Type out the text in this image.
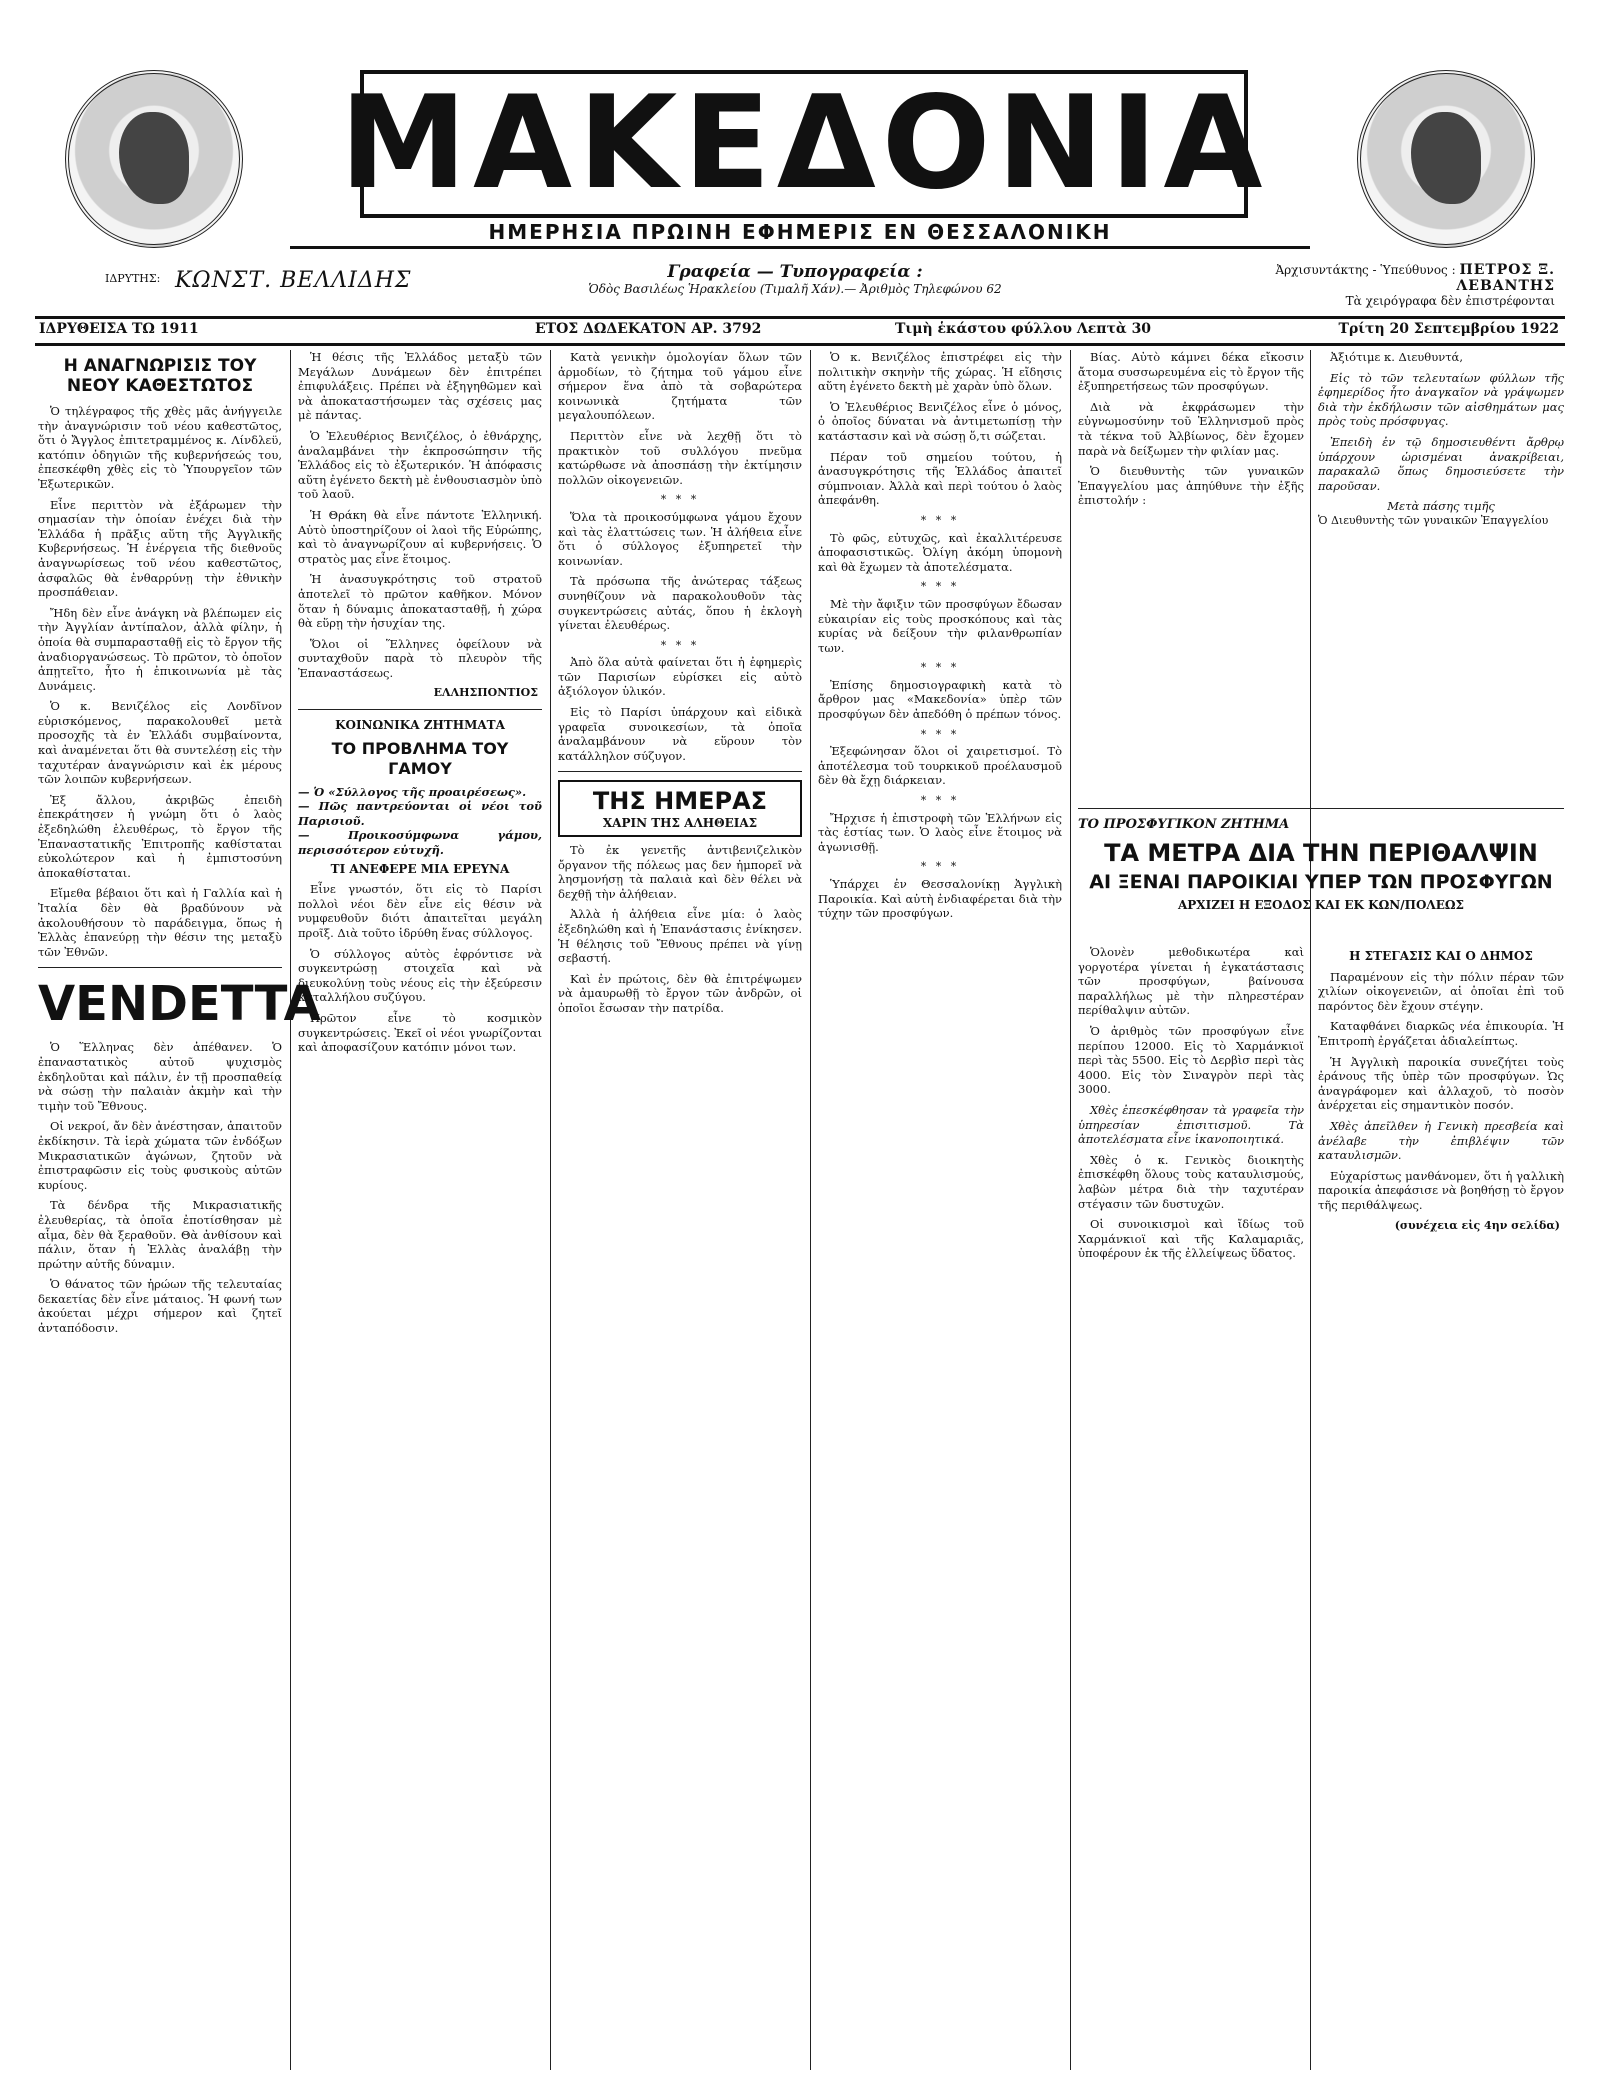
ΜΑΚΕΔΟΝΙΑ
ΗΜΕΡΗΣΙΑ ΠΡΩΙΝΗ ΕΦΗΜΕΡΙΣ ΕΝ ΘΕΣΣΑΛΟΝΙΚΗ
ΙΔΡΥΤΗΣ: ΚΩΝΣΤ. ΒΕΛΛΙΔΗΣ	Γραφεία — Τυπογραφεία :
Ὁδὸς Βασιλέως Ἡρακλείου (Τιμαλῆ Χάν).— Ἀριθμὸς Τηλεφώνου 62
Ἀρχισυντάκτης - Ὑπεύθυνος : ΠΕΤΡΟΣ Ξ. ΛΕΒΑΝΤΗΣ
Τὰ χειρόγραφα δὲν ἐπιστρέφονται
ΙΔΡΥΘΕΙΣΑ ΤΩ 1911	ΕΤΟΣ ΔΩΔΕΚΑΤΟΝ ΑΡ. 3792	Τιμὴ ἑκάστου φύλλου Λεπτὰ 30	Τρίτη 20 Σεπτεμβρίου 1922
Η ΑΝΑΓΝΩΡΙΣΙΣ ΤΟΥ ΝΕΟΥ ΚΑΘΕΣΤΩΤΟΣ

Ὁ τηλέγραφος τῆς χθὲς μᾶς ἀνήγγειλε τὴν ἀναγνώρισιν τοῦ νέου καθεστῶτος, ὅτι ὁ Ἄγγλος ἐπιτετραμμένος κ. Λίνδλεϋ, κατόπιν ὁδηγιῶν τῆς κυβερνήσεώς του, ἐπεσκέφθη χθὲς εἰς τὸ Ὑπουργεῖον τῶν Ἐξωτερικῶν.

Εἶνε περιττὸν νὰ ἐξάρωμεν τὴν σημασίαν τὴν ὁποίαν ἐνέχει διὰ τὴν Ἑλλάδα ἡ πρᾶξις αὕτη τῆς Ἀγγλικῆς Κυβερνήσεως. Ἡ ἐνέργεια τῆς διεθνοῦς ἀναγνωρίσεως τοῦ νέου καθεστῶτος, ἀσφαλῶς θὰ ἐνθαρρύνῃ τὴν ἐθνικὴν προσπάθειαν.

Ἤδη δὲν εἶνε ἀνάγκη νὰ βλέπωμεν εἰς τὴν Ἀγγλίαν ἀντίπαλον, ἀλλὰ φίλην, ἡ ὁποία θὰ συμπαρασταθῇ εἰς τὸ ἔργον τῆς ἀναδιοργανώσεως. Τὸ πρῶτον, τὸ ὁποῖον ἀπῃτεῖτο, ἦτο ἡ ἐπικοινωνία μὲ τὰς Δυνάμεις.

Ὁ κ. Βενιζέλος εἰς Λονδῖνον εὑρισκόμενος, παρακολουθεῖ μετὰ προσοχῆς τὰ ἐν Ἑλλάδι συμβαίνοντα, καὶ ἀναμένεται ὅτι θὰ συντελέσῃ εἰς τὴν ταχυτέραν ἀναγνώρισιν καὶ ἐκ μέρους τῶν λοιπῶν κυβερνήσεων.

Ἐξ ἄλλου, ἀκριβῶς ἐπειδὴ ἐπεκράτησεν ἡ γνώμη ὅτι ὁ λαὸς ἐξεδηλώθη ἐλευθέρως, τὸ ἔργον τῆς Ἐπαναστατικῆς Ἐπιτροπῆς καθίσταται εὐκολώτερον καὶ ἡ ἐμπιστοσύνη ἀποκαθίσταται.

Εἴμεθα βέβαιοι ὅτι καὶ ἡ Γαλλία καὶ ἡ Ἰταλία δὲν θὰ βραδύνουν νὰ ἀκολουθήσουν τὸ παράδειγμα, ὅπως ἡ Ἑλλὰς ἐπανεύρῃ τὴν θέσιν της μεταξὺ τῶν Ἐθνῶν.

VENDETTA

Ὁ Ἕλληνας δὲν ἀπέθανεν. Ὁ ἐπαναστατικὸς αὐτοῦ ψυχισμὸς ἐκδηλοῦται καὶ πάλιν, ἐν τῇ προσπαθείᾳ νὰ σώσῃ τὴν παλαιὰν ἀκμὴν καὶ τὴν τιμὴν τοῦ Ἔθνους.

Οἱ νεκροί, ἄν δὲν ἀνέστησαν, ἀπαιτοῦν ἐκδίκησιν. Τὰ ἱερὰ χώματα τῶν ἐνδόξων Μικρασιατικῶν ἀγώνων, ζητοῦν νὰ ἐπιστραφῶσιν εἰς τοὺς φυσικοὺς αὐτῶν κυρίους.

Τὰ δένδρα τῆς Μικρασιατικῆς ἐλευθερίας, τὰ ὁποῖα ἐποτίσθησαν μὲ αἷμα, δὲν θὰ ξεραθοῦν. Θὰ ἀνθίσουν καὶ πάλιν, ὅταν ἡ Ἑλλὰς ἀναλάβῃ τὴν πρώτην αὐτῆς δύναμιν.

Ὁ θάνατος τῶν ἡρώων τῆς τελευταίας δεκαετίας δὲν εἶνε μάταιος. Ἡ φωνή των ἀκούεται μέχρι σήμερον καὶ ζητεῖ ἀνταπόδοσιν.

Ἡ θέσις τῆς Ἑλλάδος μεταξὺ τῶν Μεγάλων Δυνάμεων δὲν ἐπιτρέπει ἐπιφυλάξεις. Πρέπει νὰ ἐξηγηθῶμεν καὶ νὰ ἀποκαταστήσωμεν τὰς σχέσεις μας μὲ πάντας.

Ὁ Ἐλευθέριος Βενιζέλος, ὁ ἐθνάρχης, ἀναλαμβάνει τὴν ἐκπροσώπησιν τῆς Ἑλλάδος εἰς τὸ ἐξωτερικόν. Ἡ ἀπόφασις αὕτη ἐγένετο δεκτὴ μὲ ἐνθουσιασμὸν ὑπὸ τοῦ λαοῦ.

Ἡ Θράκη θὰ εἶνε πάντοτε Ἑλληνική. Αὐτὸ ὑποστηρίζουν οἱ λαοὶ τῆς Εὐρώπης, καὶ τὸ ἀναγνωρίζουν αἱ κυβερνήσεις. Ὁ στρατὸς μας εἶνε ἕτοιμος.

Ἡ ἀνασυγκρότησις τοῦ στρατοῦ ἀποτελεῖ τὸ πρῶτον καθῆκον. Μόνον ὅταν ἡ δύναμις ἀποκατασταθῇ, ἡ χώρα θὰ εὕρῃ τὴν ἡσυχίαν της.

Ὅλοι οἱ Ἕλληνες ὀφείλουν νὰ συνταχθοῦν παρὰ τὸ πλευρὸν τῆς Ἐπαναστάσεως.

ΕΛΛΗΣΠΟΝΤΙΟΣ
ΚΟΙΝΩΝΙΚΑ ΖΗΤΗΜΑΤΑ
ΤΟ ΠΡΟΒΛΗΜΑ ΤΟΥ ΓΑΜΟΥ
— Ὁ «Σύλλογος τῆς προαιρέσεως».
— Πῶς παντρεύονται οἱ νέοι τοῦ Παρισιοῦ.
— Προικοσύμφωνα γάμου, περισσότερον εὐτυχῆ.
ΤΙ ΑΝΕΦΕΡΕ ΜΙΑ ΕΡΕΥΝΑ

Εἶνε γνωστόν, ὅτι εἰς τὸ Παρίσι πολλοὶ νέοι δὲν εἶνε εἰς θέσιν νὰ νυμφευθοῦν διότι ἀπαιτεῖται μεγάλη προῖξ. Διὰ τοῦτο ἱδρύθη ἕνας σύλλογος.

Ὁ σύλλογος αὐτὸς ἐφρόντισε νὰ συγκεντρώσῃ στοιχεῖα καὶ νὰ διευκολύνῃ τοὺς νέους εἰς τὴν ἐξεύρεσιν καταλλήλου συζύγου.

Πρῶτον εἶνε τὸ κοσμικὸν συγκεντρώσεις. Ἐκεῖ οἱ νέοι γνωρίζονται καὶ ἀποφασίζουν κατόπιν μόνοι των.

Κατὰ γενικὴν ὁμολογίαν ὅλων τῶν ἀρμοδίων, τὸ ζήτημα τοῦ γάμου εἶνε σήμερον ἕνα ἀπὸ τὰ σοβαρώτερα κοινωνικὰ ζητήματα τῶν μεγαλουπόλεων.

Περιττὸν εἶνε νὰ λεχθῇ ὅτι τὸ πρακτικὸν τοῦ συλλόγου πνεῦμα κατώρθωσε νὰ ἀποσπάσῃ τὴν ἐκτίμησιν πολλῶν οἰκογενειῶν.

* * *

Ὅλα τὰ προικοσύμφωνα γάμου ἔχουν καὶ τὰς ἐλαττώσεις των. Ἡ ἀλήθεια εἶνε ὅτι ὁ σύλλογος ἐξυπηρετεῖ τὴν κοινωνίαν.

Τὰ πρόσωπα τῆς ἀνώτερας τάξεως συνηθίζουν νὰ παρακολουθοῦν τὰς συγκεντρώσεις αὐτάς, ὅπου ἡ ἐκλογὴ γίνεται ἐλευθέρως.

* * *

Ἀπὸ ὅλα αὐτὰ φαίνεται ὅτι ἡ ἐφημερὶς τῶν Παρισίων εὑρίσκει εἰς αὐτὸ ἀξιόλογον ὑλικόν.

Εἰς τὸ Παρίσι ὑπάρχουν καὶ εἰδικὰ γραφεῖα συνοικεσίων, τὰ ὁποῖα ἀναλαμβάνουν νὰ εὕρουν τὸν κατάλληλον σύζυγον.

ΤΗΣ ΗΜΕΡΑΣ
ΧΑΡΙΝ ΤΗΣ ΑΛΗΘΕΙΑΣ

Τὸ ἐκ γενετῆς ἀντιβενιζελικὸν ὄργανον τῆς πόλεως μας δεν ἠμπορεῖ νὰ λησμονήσῃ τὰ παλαιὰ καὶ δὲν θέλει νὰ δεχθῇ τὴν ἀλήθειαν.

Ἀλλὰ ἡ ἀλήθεια εἶνε μία: ὁ λαὸς ἐξεδηλώθη καὶ ἡ Ἐπανάστασις ἐνίκησεν. Ἡ θέλησις τοῦ Ἔθνους πρέπει νὰ γίνῃ σεβαστή.

Καὶ ἐν πρώτοις, δὲν θὰ ἐπιτρέψωμεν νὰ ἀμαυρωθῇ τὸ ἔργον τῶν ἀνδρῶν, οἱ ὁποῖοι ἔσωσαν τὴν πατρίδα.

Ὁ κ. Βενιζέλος ἐπιστρέφει εἰς τὴν πολιτικὴν σκηνὴν τῆς χώρας. Ἡ εἴδησις αὕτη ἐγένετο δεκτὴ μὲ χαρὰν ὑπὸ ὅλων.

Ὁ Ἐλευθέριος Βενιζέλος εἶνε ὁ μόνος, ὁ ὁποῖος δύναται νὰ ἀντιμετωπίσῃ τὴν κατάστασιν καὶ νὰ σώσῃ ὅ,τι σώζεται.

Πέραν τοῦ σημείου τούτου, ἡ ἀνασυγκρότησις τῆς Ἑλλάδος ἀπαιτεῖ σύμπνοιαν. Ἀλλὰ καὶ περὶ τούτου ὁ λαὸς ἀπεφάνθη.

* * *

Τὸ φῶς, εὐτυχῶς, καὶ ἐκαλλιτέρευσε ἀποφασιστικῶς. Ὀλίγη ἀκόμη ὑπομονὴ καὶ θὰ ἔχωμεν τὰ ἀποτελέσματα.

* * *

Μὲ τὴν ἄφιξιν τῶν προσφύγων ἔδωσαν εὐκαιρίαν εἰς τοὺς προσκόπους καὶ τὰς κυρίας νὰ δείξουν τὴν φιλανθρωπίαν των.

* * *

Ἐπίσης δημοσιογραφικὴ κατὰ τὸ ἄρθρον μας «Μακεδονία» ὑπὲρ τῶν προσφύγων δὲν ἀπεδόθη ὁ πρέπων τόνος.

* * *

Ἐξεφώνησαν ὅλοι οἱ χαιρετισμοί. Τὸ ἀποτέλεσμα τοῦ τουρκικοῦ προέλαυσμοῦ δὲν θὰ ἔχῃ διάρκειαν.

* * *

Ἤρχισε ἡ ἐπιστροφὴ τῶν Ἑλλήνων εἰς τὰς ἑστίας των. Ὁ λαὸς εἶνε ἕτοιμος νὰ ἀγωνισθῇ.

* * *

Ὑπάρχει ἐν Θεσσαλονίκῃ Ἀγγλικὴ Παροικία. Καὶ αὐτὴ ἐνδιαφέρεται διὰ τὴν τύχην τῶν προσφύγων.

Βίας. Αὐτὸ κάμνει δέκα εἴκοσιν ἄτομα συσσωρευμένα εἰς τὸ ἔργον τῆς ἐξυπηρετήσεως τῶν προσφύγων.

Διὰ νὰ ἐκφράσωμεν τὴν εὐγνωμοσύνην τοῦ Ἑλληνισμοῦ πρὸς τὰ τέκνα τοῦ Ἀλβίωνος, δὲν ἔχομεν παρὰ νὰ δείξωμεν τὴν φιλίαν μας.

Ὁ διευθυντὴς τῶν γυναικῶν Ἐπαγγελίου μας ἀπηύθυνε τὴν ἐξῆς ἐπιστολήν :

Ἀξιότιμε κ. Διευθυντά,

Εἰς τὸ τῶν τελευταίων φύλλων τῆς ἐφημερίδος ἦτο ἀναγκαῖον νὰ γράψωμεν διὰ τὴν ἐκδήλωσιν τῶν αἰσθημάτων μας πρὸς τοὺς πρόσφυγας.

Ἐπειδὴ ἐν τῷ δημοσιευθέντι ἄρθρῳ ὑπάρχουν ὡρισμέναι ἀνακρίβειαι, παρακαλῶ ὅπως δημοσιεύσετε τὴν παροῦσαν.

Μετὰ πάσης τιμῆς
Ὁ Διευθυντὴς τῶν γυναικῶν Ἐπαγγελίου
ΤΟ ΠΡΟΣΦΥΓΙΚΟΝ ΖΗΤΗΜΑ
ΤΑ ΜΕΤΡΑ ΔΙΑ ΤΗΝ ΠΕΡΙΘΑΛΨΙΝ
ΑΙ ΞΕΝΑΙ ΠΑΡΟΙΚΙΑΙ ΥΠΕΡ ΤΩΝ ΠΡΟΣΦΥΓΩΝ
ΑΡΧΙΖΕΙ Η ΕΞΟΔΟΣ ΚΑΙ ΕΚ ΚΩΝ/ΠΟΛΕΩΣ

Ὁλονὲν μεθοδικωτέρα καὶ γοργοτέρα γίνεται ἡ ἐγκατάστασις τῶν προσφύγων, βαίνουσα παραλλήλως μὲ τὴν πληρεστέραν περίθαλψιν αὐτῶν.

Ὁ ἀριθμὸς τῶν προσφύγων εἶνε περίπου 12000. Εἰς τὸ Χαρμάνκιοϊ περὶ τὰς 5500. Εἰς τὸ Δερβὶσ περὶ τὰς 4000. Εἰς τὸν Σιναγρὸν περὶ τὰς 3000.

Χθὲς ἐπεσκέφθησαν τὰ γραφεῖα τὴν ὑπηρεσίαν ἐπισιτισμοῦ. Τὰ ἀποτελέσματα εἶνε ἱκανοποιητικά.

Χθὲς ὁ κ. Γενικὸς διοικητὴς ἐπισκέφθη ὅλους τοὺς καταυλισμούς, λαβὼν μέτρα διὰ τὴν ταχυτέραν στέγασιν τῶν δυστυχῶν.

Οἱ συνοικισμοὶ καὶ ἴδίως τοῦ Χαρμάνκιοϊ καὶ τῆς Καλαμαριᾶς, ὑποφέρουν ἐκ τῆς ἐλλείψεως ὕδατος.

Η ΣΤΕΓΑΣΙΣ ΚΑΙ Ο ΔΗΜΟΣ

Παραμένουν εἰς τὴν πόλιν πέραν τῶν χιλίων οἰκογενειῶν, αἱ ὁποῖαι ἐπὶ τοῦ παρόντος δὲν ἔχουν στέγην.

Καταφθάνει διαρκῶς νέα ἐπικουρία. Ἡ Ἐπιτροπὴ ἐργάζεται ἀδιαλείπτως.

Ἡ Ἀγγλικὴ παροικία συνεζήτει τοὺς ἐράνους τῆς ὑπὲρ τῶν προσφύγων. Ὡς ἀναγράφομεν καὶ ἀλλαχοῦ, τὸ ποσὸν ἀνέρχεται εἰς σημαντικὸν ποσόν.

Χθὲς ἀπεῖλθεν ἡ Γενικὴ πρεσβεία καὶ ἀνέλαβε τὴν ἐπιβλέψιν τῶν καταυλισμῶν.

Εὐχαρίστως μανθάνομεν, ὅτι ἡ γαλλικὴ παροικία ἀπεφάσισε νὰ βοηθήσῃ τὸ ἔργον τῆς περιθάλψεως.

(συνέχεια εἰς 4ην σελίδα)
